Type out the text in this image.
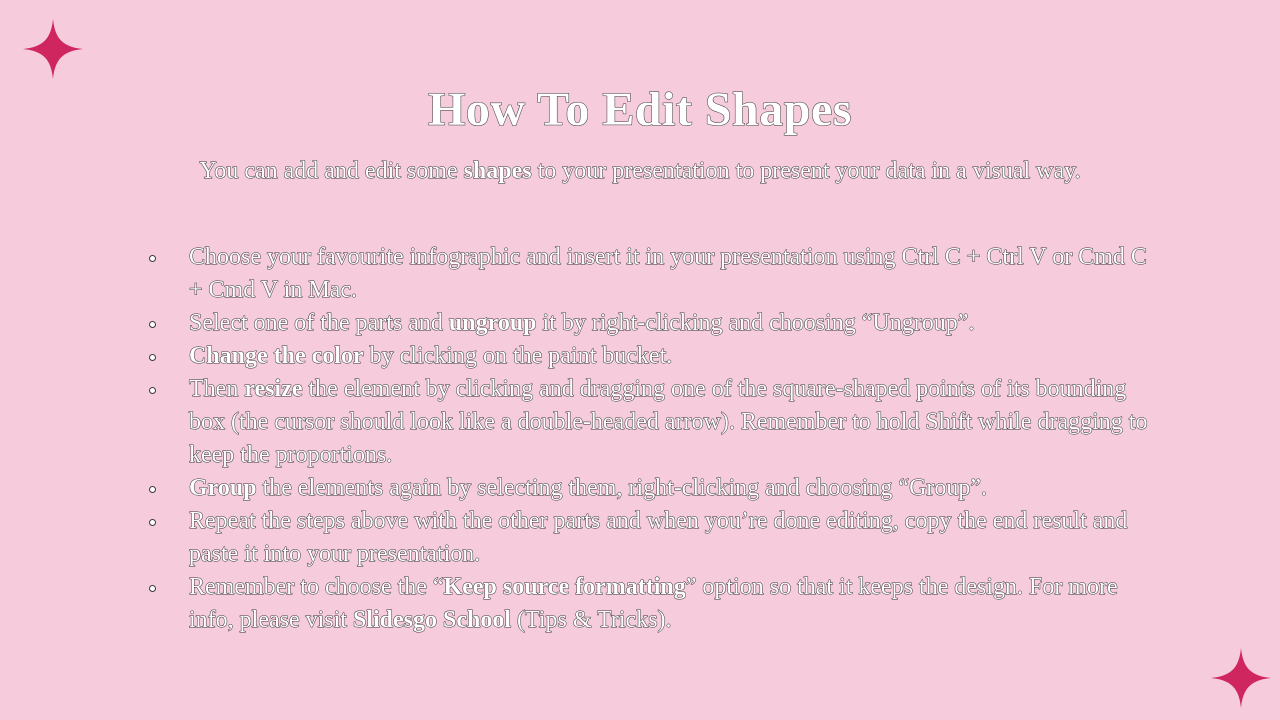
How To Edit Shapes

You can add and edit some shapes to your presentation to present your data in a visual way.

Choose your favourite infographic and insert it in your presentation using Ctrl C + Ctrl V or Cmd C + Cmd V in Mac.
Select one of the parts and ungroup it by right-clicking and choosing “Ungroup”.
Change the color by clicking on the paint bucket.
Then resize the element by clicking and dragging one of the square-shaped points of its bounding box (the cursor should look like a double-headed arrow). Remember to hold Shift while dragging to keep the proportions.
Group the elements again by selecting them, right-clicking and choosing “Group”.
Repeat the steps above with the other parts and when you’re done editing, copy the end result and paste it into your presentation.
Remember to choose the “Keep source formatting” option so that it keeps the design. For more info, please visit Slidesgo School (Tips & Tricks).
